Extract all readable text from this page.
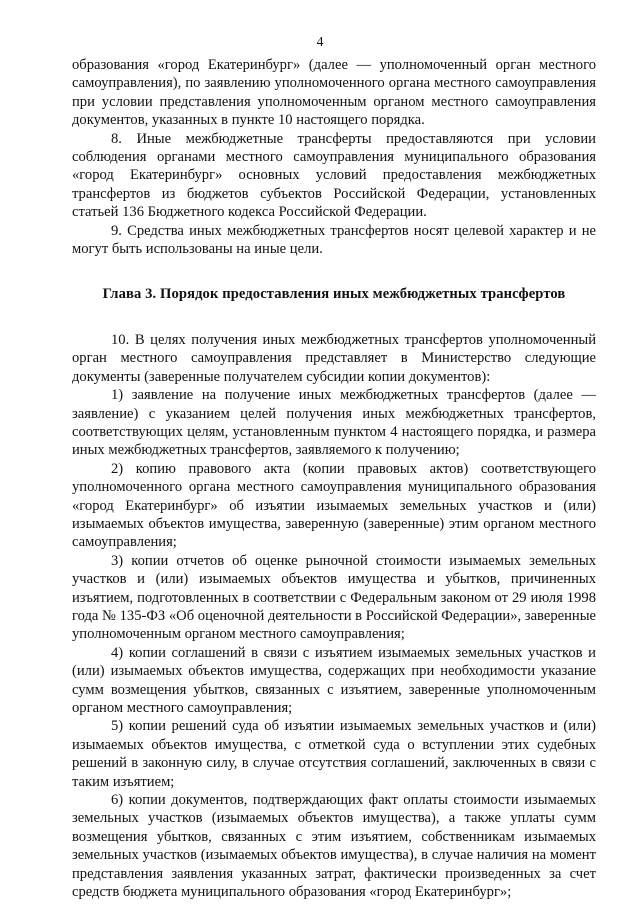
4

образования «город Екатеринбург» (далее — уполномоченный орган местного самоуправления), по заявлению уполномоченного органа местного самоуправления при условии представления уполномоченным органом местного самоуправления документов, указанных в пункте 10 настоящего порядка.

8. Иные межбюджетные трансферты предоставляются при условии соблюдения органами местного самоуправления муниципального образования «город Екатеринбург» основных условий предоставления межбюджетных трансфертов из бюджетов субъектов Российской Федерации, установленных статьей 136 Бюджетного кодекса Российской Федерации.

9. Средства иных межбюджетных трансфертов носят целевой характер и не могут быть использованы на иные цели.

Глава 3. Порядок предоставления иных межбюджетных трансфертов

10. В целях получения иных межбюджетных трансфертов уполномоченный орган местного самоуправления представляет в Министерство следующие документы (заверенные получателем субсидии копии документов):

1) заявление на получение иных межбюджетных трансфертов (далее — заявление) с указанием целей получения иных межбюджетных трансфертов, соответствующих целям, установленным пунктом 4 настоящего порядка, и размера иных межбюджетных трансфертов, заявляемого к получению;

2) копию правового акта (копии правовых актов) соответствующего уполномоченного органа местного самоуправления муниципального образования «город Екатеринбург» об изъятии изымаемых земельных участков и (или) изымаемых объектов имущества, заверенную (заверенные) этим органом местного самоуправления;

3) копии отчетов об оценке рыночной стоимости изымаемых земельных участков и (или) изымаемых объектов имущества и убытков, причиненных изъятием, подготовленных в соответствии с Федеральным законом от 29 июля 1998 года № 135-ФЗ «Об оценочной деятельности в Российской Федерации», заверенные уполномоченным органом местного самоуправления;

4) копии соглашений в связи с изъятием изымаемых земельных участков и (или) изымаемых объектов имущества, содержащих при необходимости указание сумм возмещения убытков, связанных с изъятием, заверенные уполномоченным органом местного самоуправления;

5) копии решений суда об изъятии изымаемых земельных участков и (или) изымаемых объектов имущества, с отметкой суда о вступлении этих судебных решений в законную силу, в случае отсутствия соглашений, заключенных в связи с таким изъятием;

6) копии документов, подтверждающих факт оплаты стоимости изымаемых земельных участков (изымаемых объектов имущества), а также уплаты сумм возмещения убытков, связанных с этим изъятием, собственникам изымаемых земельных участков (изымаемых объектов имущества), в случае наличия на момент представления заявления указанных затрат, фактически произведенных за счет средств бюджета муниципального образования «город Екатеринбург»;
